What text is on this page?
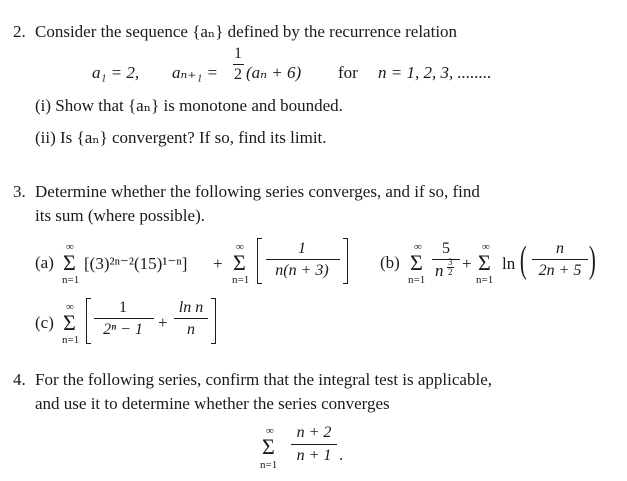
2. Consider the sequence {aₙ} defined by the recurrence relation
a₁ = 2, aₙ₊₁ =
1
2 (aₙ + 6) for n = 1, 2, 3, ........
(i) Show that {aₙ} is monotone and bounded.
(ii) Is {aₙ} convergent? If so, find its limit.
3. Determine whether the following series converges, and if so, find
its sum (where possible).
(a)
∞
Σ
n=1
[(3)²ⁿ⁻²(15)¹⁻ⁿ] +
∞
Σ
n=1
1
n(n + 3)	(b)
∞
Σ
n=1
5
n 3
2 +
∞
Σ
n=1
ln (	n
2n + 5 )
(c)
∞
Σ
n=1
1
2ⁿ − 1 +
ln n
n
4. For the following series, confirm that the integral test is applicable,
and use it to determine whether the series converges
∞
Σ
n=1
n + 2
n + 1 .
